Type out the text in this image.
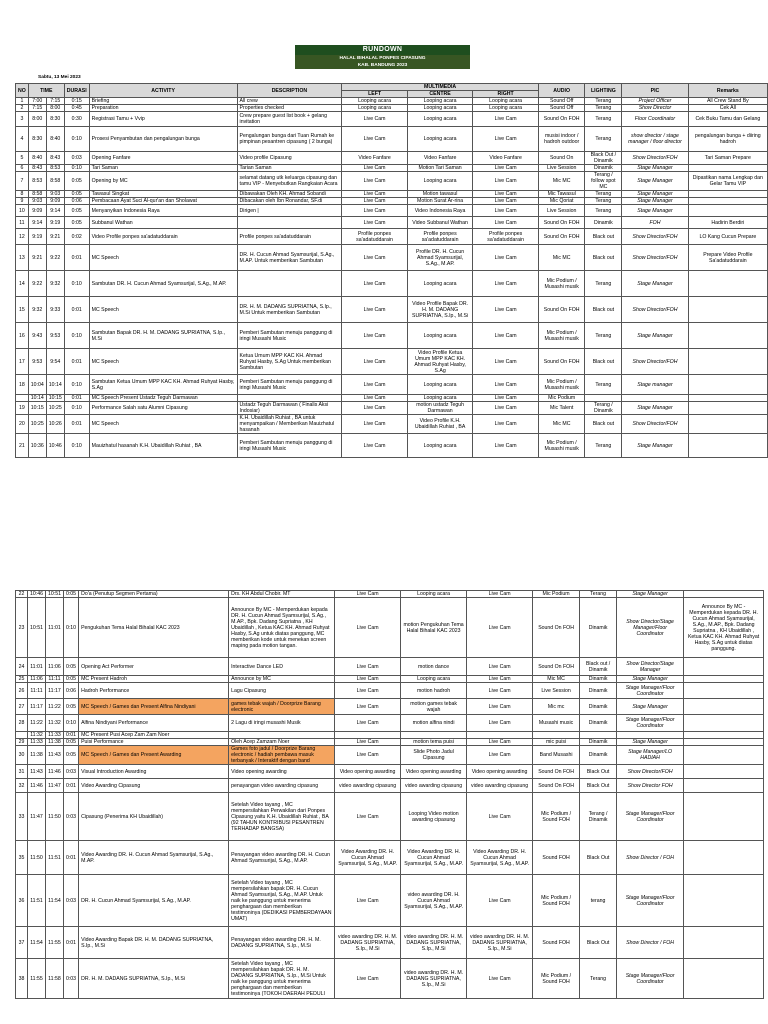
RUNDOWN
HALAL BIHALAL PONPES CIPASUNG
KAB. BANDUNG 2023
Sabtu, 13 Mei 2023
NO	TIME		DURASI	ACTIVITY	DESCRIPTION	MULTIMEDIA			AUDIO	LIGHTING	PIC	Remarks
						LEFT	CENTRE	RIGHT				
1	7:00	7:15	0:15	Briefing	All crew	Looping acara	Looping acara	Looping acara	Sound Off	Terang	Project Officer	All Crew Stand By
2	7:15	8:00	0:45	Preparation	Properties checked	Looping acara	Looping acara	Looping acara	Sound Off	Terang	Show Director	Cek All
3	8:00	8:30	0:30	Registrasi Tamu + Vvip	Crew prepare guest list book + gelang invitation	Live Cam	Looping acara	Live Cam	Sound On FOH	Terang	Floor Coordinator	Cek Buku Tamu dan Gelang
4	8:30	8:40	0:10	Prosesi Penyambutan dan pengalungan bunga	Pengalungan bunga dari Tuan Rumah ke pimpinan pesantren cipasung ( 2 bunga)	Live Cam	Looping acara	Live Cam	musisi indoor / hadroh outdoor	Terang	show director / stage manager / floor director	pengalungan bunga + diiring hadroh
5	8:40	8:43	0:03	Opening Fanfare	Video profile Cipasung	Video Fanfare	Video Fanfare	Video Fanfare	Sound On	Black Out / Dinamik	Show Director/FOH	Tari Saman Prepare
6	8:43	8:53	0:10	Tari Saman	Tarian Saman	Live Cam	Motion Tari Saman	Live Cam	Live Session	Dinamik	Stage Manager	
7	8:53	8:58	0:05	Opening by MC	selamat datang utk keluarga cipasung dan tamu VIP - Menyebutkan Rangkaian Acara	Live Cam	Looping acara	Live Cam	Mic MC	Terang / follow spot MC	Stage Manager	Dipastikan nama Lengkap dan Gelar Tamu VIP
8	8:58	9:03	0:05	Tawasul Singkat	Dibawakan Oleh KH. Ahmad Sobandi	Live Cam	Motion tawasul	Live Cam	Mic Tawasul	Terang	Stage Manager	
9	9:03	9:09	0:06	Pembacaan Ayat Suci Al-qur'an dan Sholawat	Dibacakan oleh Ibn Ronandar, SF.di	Live Cam	Motion Surat Ar-rina	Live Cam	Mic Qoriat	Terang	Stage Manager	
10	9:09	9:14	0:05	Menyanyikan Indonesia Raya	Dirigen |	Live Cam	Video Indonesia Raya	Live Cam	Live Session	Terang	Stage Manager	
11	9:14	9:19	0:05	Subbanul Wathan		Live Cam	Video Subbanul Wathan	Live Cam	Sound On FOH	Dinamik	FOH	Hadirin Berdiri
12	9:19	9:21	0:02	Video Profile ponpes sa'adatuddarain	Profile ponpes sa'adatuddarain	Profile ponpes sa'adatuddarain	Profile ponpes sa'adatuddarain	Profile ponpes sa'adatuddarain	Sound On FOH	Black out	Show Director/FOH	LO Kang Cucun Prepare
13	9:21	9:22	0:01	MC Speech	DR. H. Cucun Ahmad Syamsurijal, S.Ag., M.AP. Untuk memberikan Sambutan	Live Cam	Profile DR. H. Cucun Ahmad Syamsurijal, S.Ag., M.AP.	Live Cam	Mic MC	Black out	Show Director/FOH	Prepare Video Profile Sa'adatuddarain
14	9:22	9:32	0:10	Sambutan DR. H. Cucun Ahmad Syamsurijal, S.Ag., M.AP.		Live Cam	Looping acara	Live Cam	Mic Podium / Musashi musik	Terang	Stage Manager	
15	9:32	9:33	0:01	MC Speech	DR. H. M. DADANG SUPRIATNA, S.Ip., M.Si Untuk memberikan Sambutan	Live Cam	Video Profile Bapak DR. H. M. DADANG SUPRIATNA, S.Ip., M.Si	Live Cam	Sound On FOH	Black out	Show Director/FOH	
16	9:43	9:53	0:10	Sambutan Bapak DR. H. M. DADANG SUPRIATNA, S.Ip., M.Si	Pemberi Sambutan menuju panggung di iringi Musashi Music	Live Cam	Looping acara	Live Cam	Mic Podium / Musashi musik	Terang	Stage Manager	
17	9:53	9:54	0:01	MC Speech	Ketua Umum MPP KAC KH. Ahmad Ruhyat Hasby, S.Ag Untuk memberikan Sambutan	Live Cam	Video Profile Ketua Umum MPP KAC KH. Ahmad Ruhyat Hasby, S.Ag	Live Cam	Sound On FOH	Black out	Show Director/FOH	
18	10:04	10:14	0:10	Sambutan Ketua Umum MPP KAC KH. Ahmad Ruhyat Hasby, S.Ag	Pemberi Sambutan menuju panggung di iringi Musashi Music	Live Cam	Looping acara	Live Cam	Mic Podium / Musashi musik	Terang	Stage manager	
	10:14	10:15	0:01	MC Speech Present Ustadz Teguh Darmawan		Live Cam	Looping acara	Live Cam	Mic Podium			
19	10:15	10:25	0:10	Performance Salah satu Alumni Cipasung	Ustadz Teguh Darmawan ( Finalis Aksi Indosiar)	Live Cam	motion ustadz Teguh Darmawan	Live Cam	Mic Talent	Terang / Dinamik	Stage Manager	
20	10:25	10:26	0:01	MC Speech	K.H. Ubaidillah Ruhiat , BA untuk menyampaikan / Memberikan Mauizhatul hasanah	Live Cam	Video Profile K.H. Ubaidillah Ruhiat , BA	Live Cam	Mic MC	Black out	Show Director/FOH	
21	10:36	10:46	0:10	Mauizhatul hasanah K.H. Ubaidillah Ruhiat , BA	Pemberi Sambutan menuju panggung di iringi Musashi Music	Live Cam	Looping acara	Live Cam	Mic Podium / Musashi musik	Terang	Stage Manager	
22	10:46	10:51	0:05	Do'a (Penutup Segmen Pertama)	Drs. KH Abdul Chobir. MT	Live Cam	Looping acara	Live Cam	Mic Podium	Terang	Stage Manager	
23	10:51	11:01	0:10	Pengukuhan Tema Halal Bihalal KAC 2023	Announce By MC - Memperdukan kepada DR. H. Cucun Ahmad Syamsurijal, S.Ag., M.AP., Bpk. Dadang Supriatna , KH Ubaidillah , Ketua KAC KH. Ahmad Ruhyat Hasby, S.Ag untuk diatas panggung, MC memberikan kode untuk menekan screen maping pada motion tangan.	Live Cam	motion Pengukuhan Tema Halal Bihalal KAC 2023	Live Cam	Sound On FOH	Dinamik	Show Director/Stage Manager/Floor Coordinator	Announce By MC - Memperdukan kepada DR. H. Cucun Ahmad Syamsurijal, S.Ag., M.AP., Bpk. Dadang Supriatna , KH Ubaidillah , Ketua KAC KH. Ahmad Ruhyat Hasby, S.Ag untuk diatas panggung.
24	11:01	11:06	0:05	Opening Act Performer	Interactive Dance LED	Live Cam	motion dance	Live Cam	Sound On FOH	Black out / Dinamik	Show Director/Stage Manager	
25	11:06	11:11	0:05	MC Present Hadroh	Announce by MC	Live Cam	Looping acara	Live Cam	Mic MC	Dinamik	Stage Manager	
26	11:11	11:17	0:06	Hadroh Performance	Lagu Cipasung	Live Cam	motion hadroh	Live Cam	Live Session	Dinamik	Stage Manager/Floor Coordinator	
27	11:17	11:22	0:05	MC Speech / Games dan Present Alfina Nindiyani	games tebak wajah / Doorprize Barang electronic	Live Cam	motion games tebak wajah	Live Cam	Mic mc	Dinamik	Stage Manager	
28	11:22	11:32	0:10	Alfina Nindiyani Performance	2 Lagu di iringi musashi Musik	Live Cam	motion alfina nindi	Live Cam	Musashi music	Dinamik	Stage Manager/Floor Coordinator	
	11:32	11:33	0:01	MC Present Pusi Acep Zam Zam Noer								
29	11:33	11:38	0:05	Puisi Performance	Oleh Acep Zamzam Noer	Live Cam	motion tema puisi	Live Cam	mic puisi	Dinamik	Stage Manager	
30	11:38	11:43	0:05	MC Speech / Games dan Present Awarding	Games foto jadul / Doorprize Barang electronic / hadiah pembawa masuk terbanyak / Interaktif dengan band	Live Cam	Slide Photo Jadul Cipasung	Live Cam	Band Musashi	Dinamik	Stage Manager/LO HADIAH	
31	11:43	11:46	0:03	Visual Introduction Awarding	Video opening awarding	Video opening awarding	Video opening awarding	Video opening awarding	Sound On FOH	Black Out	Show Director/FOH	
32	11:46	11:47	0:01	Video Awarding Cipasung	penayangan video awarding cipasung	video awarding cipasung	video awarding cipasung	video awarding cipasung	Sound On FOH	Black Out	Show Director FOH	
33	11:47	11:50	0:03	Cipasung (Penerima KH Ubaidillah)	Setelah Video tayang , MC mempersilahkan Perwakilan dari Ponpes Cipasung yaitu K.H. Ubaidillah Ruhiat , BA (92 TAHUN KONTRIBUSI PESANTREN TERHADAP BANGSA)	Live Cam	Looping Video motion awarding cipasung	Live Cam	Mic Podium / Sound FOH	Terang / Dinamik	Stage Manager/Floor Coordinator	
35	11:50	11:51	0:01	Video Awarding DR. H. Cucun Ahmad Syamsurijal, S.Ag., M.AP.	Penayangan video awarding DR. H. Cucun Ahmad Syamsurijal, S.Ag., M.AP.	Video Awarding DR. H. Cucun Ahmad Syamsurijal, S.Ag., M.AP.	Video Awarding DR. H. Cucun Ahmad Syamsurijal, S.Ag., M.AP.	Video Awarding DR. H. Cucun Ahmad Syamsurijal, S.Ag., M.AP.	Sound FOH	Black Out	Show Director / FOH	
36	11:51	11:54	0:03	DR. H. Cucun Ahmad Syamsurijal, S.Ag., M.AP.	Setelah Video tayang , MC mempersilahkan bapak DR. H. Cucun Ahmad Syamsurijal, S.Ag., M.AP. Untuk naik ke panggung untuk menerima penghargaan dan memberikan testimoninya (DEDIKASI PEMBERDAYAAN UMAT)	Live Cam	video awarding DR. H. Cucun Ahmad Syamsurijal, S.Ag., M.AP.	Live Cam	Mic Podium / Sound FOH	terang	Stage Manager/Floor Coordinator	
37	11:54	11:55	0:01	Video Awarding Bapak DR. H. M. DADANG SUPRIATNA, S.Ip., M.Si	Penayangan video awarding DR. H. M. DADANG SUPRIATNA, S.Ip., M.Si	video awarding DR. H. M. DADANG SUPRIATNA, S.Ip., M.Si	video awarding DR. H. M. DADANG SUPRIATNA, S.Ip., M.Si	video awarding DR. H. M. DADANG SUPRIATNA, S.Ip., M.Si	Sound FOH	Black Out	Show Director / FOH	
38	11:55	11:58	0:03	DR. H. M. DADANG SUPRIATNA, S.Ip., M.Si	Setelah Video tayang , MC mempersilahkan bapak DR. H. M. DADANG SUPRIATNA, S.Ip., M.Si Untuk naik ke panggung untuk menerima penghargaan dan memberikan testimoninya (TOKOH DAERAH PEDULI	Live Cam	video awarding DR. H. M. DADANG SUPRIATNA, S.Ip., M.Si	Live Cam	Mic Podium / Sound FOH	Terang	Stage Manager/Floor Coordinator	
